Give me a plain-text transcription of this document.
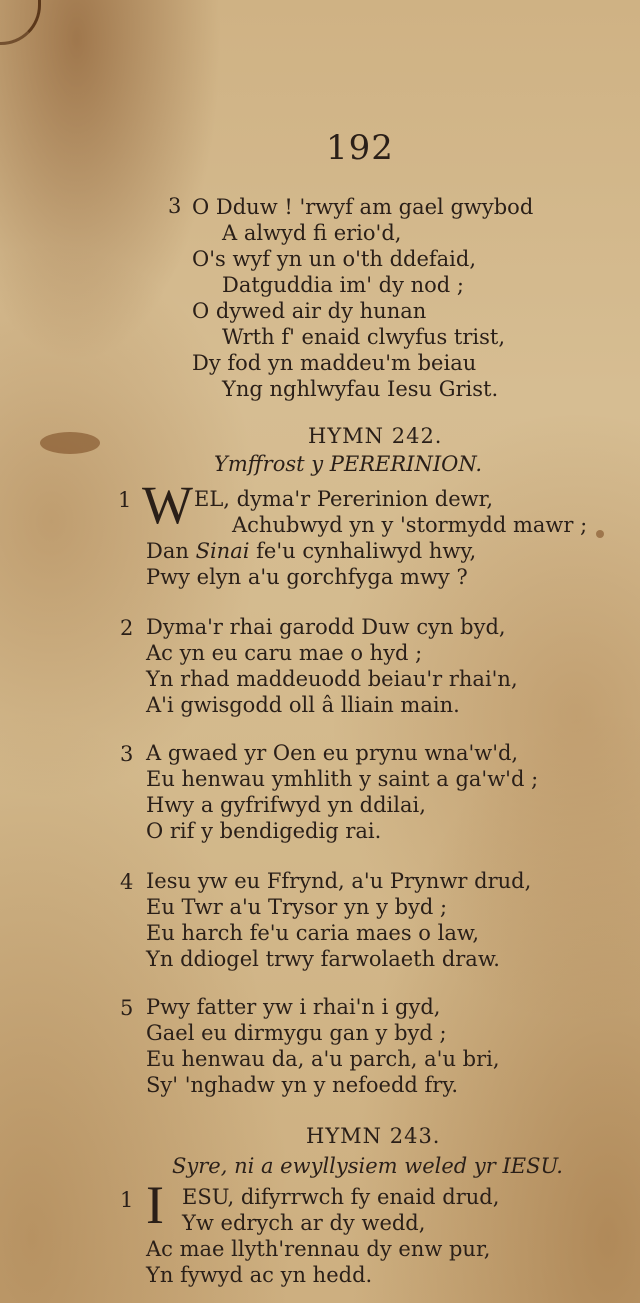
192
3 O Dduw ! 'rwyf am gael gwybod
A alwyd fi erio'd,
O's wyf yn un o'th ddefaid,
Datguddia im' dy nod ;
O dywed air dy hunan
Wrth f' enaid clwyfus trist,
Dy fod yn maddeu'm beiau
Yng nghlwyfau Iesu Grist.
HYMN 242.
Ymffrost y PERERINION.
1 W EL, dyma'r Pererinion dewr,
Achubwyd yn y 'stormydd mawr ;
Dan Sinai fe'u cynhaliwyd hwy,
Pwy elyn a'u gorchfyga mwy ?
2 Dyma'r rhai garodd Duw cyn byd,
Ac yn eu caru mae o hyd ;
Yn rhad maddeuodd beiau'r rhai'n,
A'i gwisgodd oll â lliain main.
3 A gwaed yr Oen eu prynu wna'w'd,
Eu henwau ymhlith y saint a ga'w'd ;
Hwy a gyfrifwyd yn ddilai,
O rif y bendigedig rai.
4 Iesu yw eu Ffrynd, a'u Prynwr drud,
Eu Twr a'u Trysor yn y byd ;
Eu harch fe'u caria maes o law,
Yn ddiogel trwy farwolaeth draw.
5 Pwy fatter yw i rhai'n i gyd,
Gael eu dirmygu gan y byd ;
Eu henwau da, a'u parch, a'u bri,
Sy' 'nghadw yn y nefoedd fry.
HYMN 243.
Syre, ni a ewyllysiem weled yr IESU.
1 I ESU, difyrrwch fy enaid drud,
Yw edrych ar dy wedd,
Ac mae llyth'rennau dy enw pur,
Yn fywyd ac yn hedd.
